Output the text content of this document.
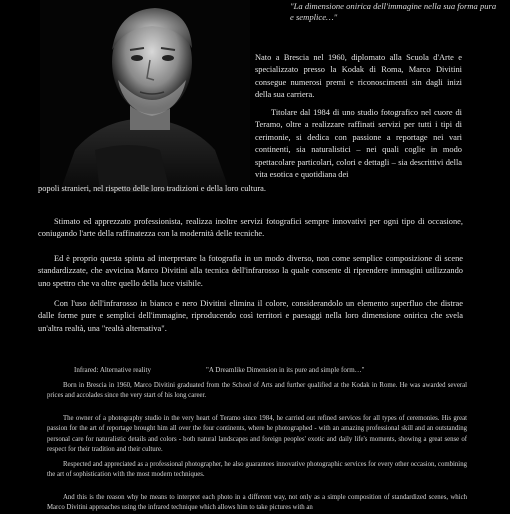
"La dimensione onirica dell'immagine nella sua forma pura e semplice…"
Nato a Brescia nel 1960, diplomato alla Scuola d'Arte e specializzato presso la Kodak di Roma, Marco Divitini consegue numerosi premi e riconoscimenti sin dagli inizi della sua carriera.
Titolare dal 1984 di uno studio fotografico nel cuore di Teramo, oltre a realizzare raffinati servizi per tutti i tipi di cerimonie, si dedica con passione a reportage nei vari continenti, sia naturalistici – nei quali coglie in modo spettacolare particolari, colori e dettagli – sia descrittivi della vita esotica e quotidiana dei
popoli stranieri, nel rispetto delle loro tradizioni e della loro cultura.
Stimato ed apprezzato professionista, realizza inoltre servizi fotografici sempre innovativi per ogni tipo di occasione, coniugando l'arte della raffinatezza con la modernità delle tecniche.
Ed è proprio questa spinta ad interpretare la fotografia in un modo diverso, non come semplice composizione di scene standardizzate, che avvicina Marco Divitini alla tecnica dell'infrarosso la quale consente di riprendere immagini utilizzando uno spettro che va oltre quello della luce visibile.
Con l'uso dell'infrarosso in bianco e nero Divitini elimina il colore, considerandolo un elemento superfluo che distrae dalle forme pure e semplici dell'immagine, riproducendo così territori e paesaggi nella loro dimensione onirica che svela un'altra realtà, una "realtà alternativa".
Infrared: Alternative reality	"A Dreamlike Dimension in its pure and simple form…"
Born in Brescia in 1960, Marco Divitini graduated from the School of Arts and further qualified at the Kodak in Rome. He was awarded several prices and accolades since the very start of his long career.
The owner of a photography studio in the very heart of Teramo since 1984, he carried out refined services for all types of ceremonies. His great passion for the art of reportage brought him all over the four continents, where he photographed - with an amazing professional skill and an outstanding personal care for naturalistic details and colors - both natural landscapes and foreign peoples' exotic and daily life's moments, showing a great sense of respect for their tradition and their culture.
Respected and appreciated as a professional photographer, he also guarantees innovative photographic services for every other occasion, combining the art of sophistication with the most modern techniques.
And this is the reason why he means to interpret each photo in a different way, not only as a simple composition of standardized scenes, which Marco Divitini approaches using the infrared technique which allows him to take pictures with an
